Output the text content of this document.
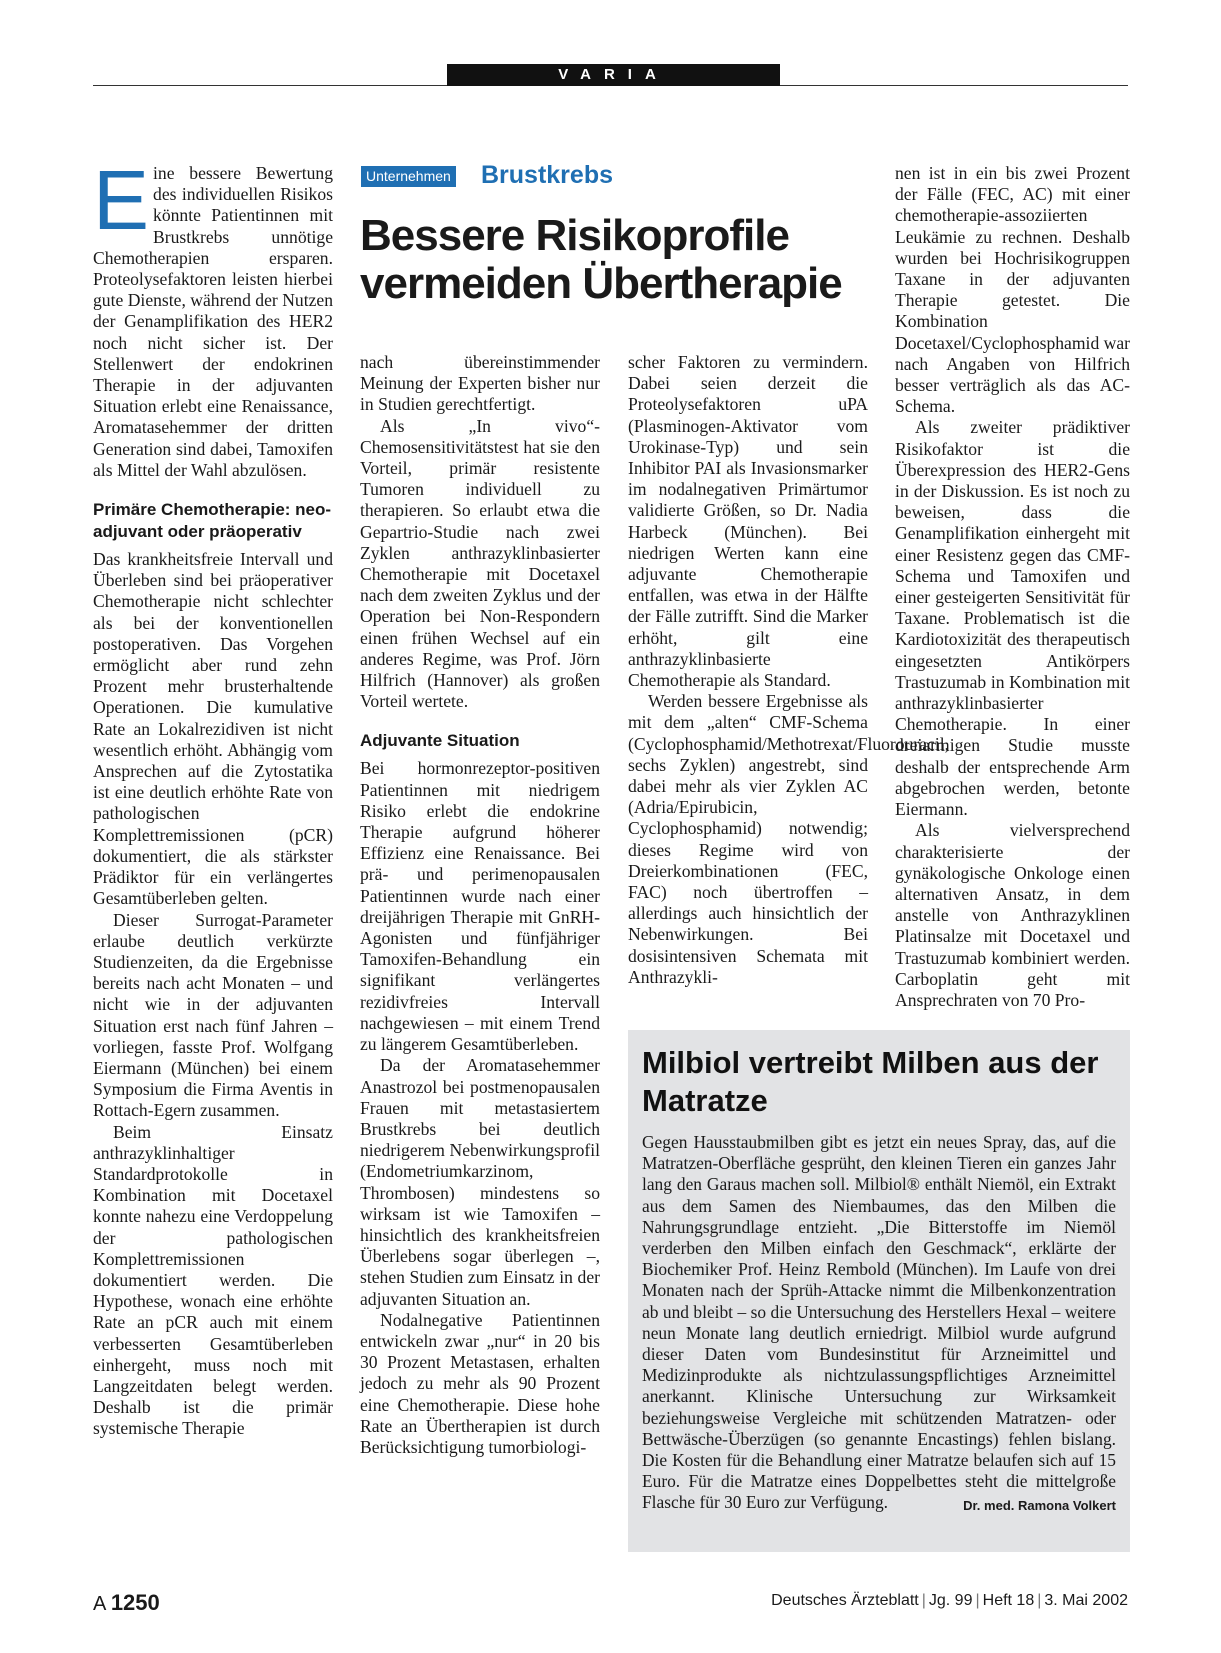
VARIA

Eine bessere Bewertung des individuellen Risikos könnte Patientinnen mit Brustkrebs unnötige Chemotherapien ersparen. Proteolysefaktoren leisten hierbei gute Dienste, während der Nutzen der Genamplifikation des HER2 noch nicht sicher ist. Der Stellenwert der endokrinen Therapie in der adjuvanten Situation erlebt eine Renaissance, Aromatasehemmer der dritten Generation sind dabei, Tamoxifen als Mittel der Wahl abzulösen.

Primäre Chemotherapie: neo-adjuvant oder präoperativ

Das krankheitsfreie Intervall und Überleben sind bei präoperativer Chemotherapie nicht schlechter als bei der konventionellen postoperativen. Das Vorgehen ermöglicht aber rund zehn Prozent mehr brusterhaltende Operationen. Die kumulative Rate an Lokalrezidiven ist nicht wesentlich erhöht. Abhängig vom Ansprechen auf die Zytostatika ist eine deutlich erhöhte Rate von pathologischen Komplettremissionen (pCR) dokumentiert, die als stärkster Prädiktor für ein verlängertes Gesamtüberleben gelten.

Dieser Surrogat-Parameter erlaube deutlich verkürzte Studienzeiten, da die Ergebnisse bereits nach acht Monaten – und nicht wie in der adjuvanten Situation erst nach fünf Jahren – vorliegen, fasste Prof. Wolfgang Eiermann (München) bei einem Symposium die Firma Aventis in Rottach-Egern zusammen.

Beim Einsatz anthrazyklinhaltiger Standardprotokolle in Kombination mit Docetaxel konnte nahezu eine Verdoppelung der pathologischen Komplettremissionen dokumentiert werden. Die Hypothese, wonach eine erhöhte Rate an pCR auch mit einem verbesserten Gesamtüberleben einhergeht, muss noch mit Langzeitdaten belegt werden. Deshalb ist die primär systemische Therapie

Unternehmen Brustkrebs
Bessere Risikoprofile
vermeiden Übertherapie

nach übereinstimmender Meinung der Experten bisher nur in Studien gerechtfertigt.

Als „In vivo“-Chemosensitivitätstest hat sie den Vorteil, primär resistente Tumoren individuell zu therapieren. So erlaubt etwa die Gepartrio-Studie nach zwei Zyklen anthrazyklinbasierter Chemotherapie mit Docetaxel nach dem zweiten Zyklus und der Operation bei Non-Respondern einen frühen Wechsel auf ein anderes Regime, was Prof. Jörn Hilfrich (Hannover) als großen Vorteil wertete.

Adjuvante Situation

Bei hormonrezeptor-positiven Patientinnen mit niedrigem Risiko erlebt die endokrine Therapie aufgrund höherer Effizienz eine Renaissance. Bei prä- und perimenopausalen Patientinnen wurde nach einer dreijährigen Therapie mit GnRH-Agonisten und fünfjähriger Tamoxifen-Behandlung ein signifikant verlängertes rezidivfreies Intervall nachgewiesen – mit einem Trend zu längerem Gesamtüberleben.

Da der Aromatasehemmer Anastrozol bei postmenopausalen Frauen mit metastasiertem Brustkrebs bei deutlich niedrigerem Nebenwirkungsprofil (Endometriumkarzinom, Thrombosen) mindestens so wirksam ist wie Tamoxifen – hinsichtlich des krankheitsfreien Überlebens sogar überlegen –, stehen Studien zum Einsatz in der adjuvanten Situation an.

Nodalnegative Patientinnen entwickeln zwar „nur“ in 20 bis 30 Prozent Metastasen, erhalten jedoch zu mehr als 90 Prozent eine Chemotherapie. Diese hohe Rate an Übertherapien ist durch Berücksichtigung tumorbiologi-

scher Faktoren zu vermindern. Dabei seien derzeit die Proteolysefaktoren uPA (Plasminogen-Aktivator vom Urokinase-Typ) und sein Inhibitor PAI als Invasionsmarker im nodalnegativen Primärtumor validierte Größen, so Dr. Nadia Harbeck (München). Bei niedrigen Werten kann eine adjuvante Chemotherapie entfallen, was etwa in der Hälfte der Fälle zutrifft. Sind die Marker erhöht, gilt eine anthrazyklinbasierte Chemotherapie als Standard.

Werden bessere Ergebnisse als mit dem „alten“ CMF-Schema (Cyclophosphamid/Methotrexat/Fluorouracil, sechs Zyklen) angestrebt, sind dabei mehr als vier Zyklen AC (Adria/Epirubicin, Cyclophosphamid) notwendig; dieses Regime wird von Dreierkombinationen (FEC, FAC) noch übertroffen – allerdings auch hinsichtlich der Nebenwirkungen. Bei dosisintensiven Schemata mit Anthrazykli-

nen ist in ein bis zwei Prozent der Fälle (FEC, AC) mit einer chemotherapie-assoziierten Leukämie zu rechnen. Deshalb wurden bei Hochrisikogruppen Taxane in der adjuvanten Therapie getestet. Die Kombination Docetaxel/Cyclophosphamid war nach Angaben von Hilfrich besser verträglich als das AC-Schema.

Als zweiter prädiktiver Risikofaktor ist die Überexpression des HER2-Gens in der Diskussion. Es ist noch zu beweisen, dass die Genamplifikation einhergeht mit einer Resistenz gegen das CMF-Schema und Tamoxifen und einer gesteigerten Sensitivität für Taxane. Problematisch ist die Kardiotoxizität des therapeutisch eingesetzten Antikörpers Trastuzumab in Kombination mit anthrazyklinbasierter Chemotherapie. In einer dreiarmigen Studie musste deshalb der entsprechende Arm abgebrochen werden, betonte Eiermann.

Als vielversprechend charakterisierte der gynäkologische Onkologe einen alternativen Ansatz, in dem anstelle von Anthrazyklinen Platinsalze mit Docetaxel und Trastuzumab kombiniert werden. Carboplatin geht mit Ansprechraten von 70 Pro-

Milbiol vertreibt Milben aus der Matratze
Gegen Hausstaubmilben gibt es jetzt ein neues Spray, das, auf die Matratzen-Oberfläche gesprüht, den kleinen Tieren ein ganzes Jahr lang den Garaus machen soll. Milbiol® enthält Niemöl, ein Extrakt aus dem Samen des Niembaumes, das den Milben die Nahrungsgrundlage entzieht. „Die Bitterstoffe im Niemöl verderben den Milben einfach den Geschmack“, erklärte der Biochemiker Prof. Heinz Rembold (München). Im Laufe von drei Monaten nach der Sprüh-Attacke nimmt die Milbenkonzentration ab und bleibt – so die Untersuchung des Herstellers Hexal – weitere neun Monate lang deutlich erniedrigt. Milbiol wurde aufgrund dieser Daten vom Bundesinstitut für Arzneimittel und Medizinprodukte als nichtzulassungspflichtiges Arzneimittel anerkannt. Klinische Untersuchung zur Wirksamkeit beziehungsweise Vergleiche mit schützenden Matratzen- oder Bettwäsche-Überzügen (so genannte Encastings) fehlen bislang. Die Kosten für die Behandlung einer Matratze belaufen sich auf 15 Euro. Für die Matratze eines Doppelbettes steht die mittelgroße Flasche für 30 Euro zur Verfügung.	Dr. med. Ramona Volkert
A 1250	Deutsches Ärzteblatt | Jg. 99 | Heft 18 | 3. Mai 2002
